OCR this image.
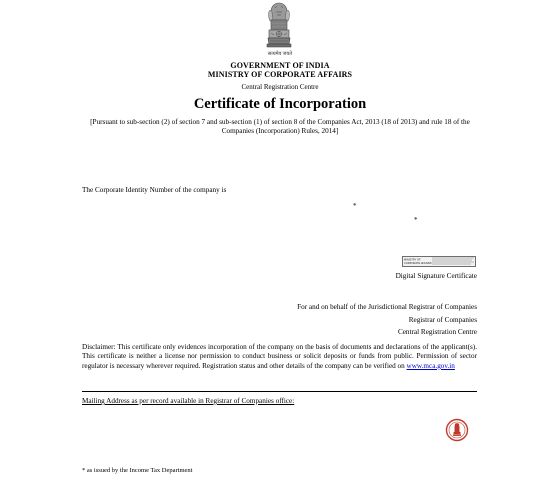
सत्यमेव जयते
GOVERNMENT OF INDIA
MINISTRY OF CORPORATE AFFAIRS
Central Registration Centre
Certificate of Incorporation
[Pursuant to sub-section (2) of section 7 and sub-section (1) of section 8 of the Companies Act, 2013 (18 of 2013) and rule 18 of the Companies (Incorporation) Rules, 2014]
The Corporate Identity Number of the company is
*
*
MINISTRY OF
CORPORATE AFFAIRS
Digital Signature Certificate
For and on behalf of the Jurisdictional Registrar of Companies
Registrar of Companies
Central Registration Centre
Disclaimer: This certificate only evidences incorporation of the company on the basis of documents and declarations of the applicant(s). This certificate is neither a license nor permission to conduct business or solicit deposits or funds from public. Permission of sector regulator is necessary wherever required. Registration status and other details of the company can be verified on www.mca.gov.in
Mailing Address as per record available in Registrar of Companies office:
* as issued by the Income Tax Department
